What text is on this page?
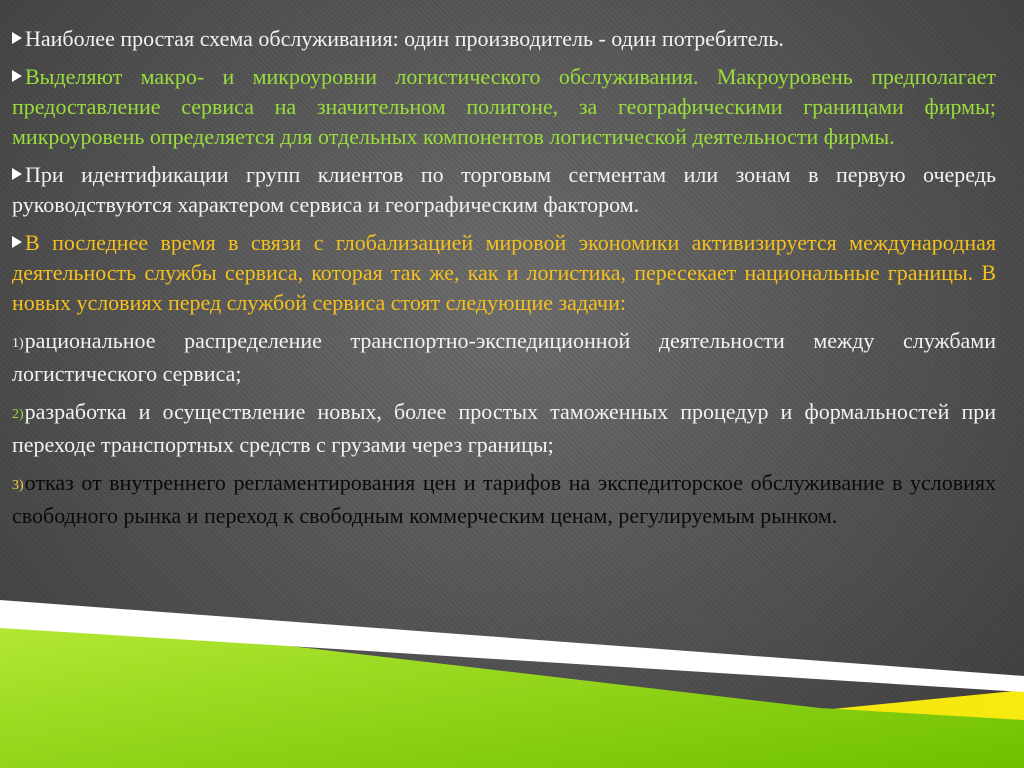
Наиболее простая схема обслуживания: один производитель - один потребитель.

Выделяют макро- и микроуровни логистического обслуживания. Макроуровень предполагает предоставление сервиса на значительном полигоне, за географическими границами фирмы; микроуровень определяется для отдельных компонентов логистической деятельности фирмы.

При идентификации групп клиентов по торговым сегментам или зонам в первую очередь руководствуются характером сервиса и географическим фактором.

В последнее время в связи с глобализацией мировой экономики активизируется международная деятельность службы сервиса, которая так же, как и логистика, пересекает национальные границы. В новых условиях перед службой сервиса стоят следующие задачи:

1)рациональное распределение транспортно-экспедиционной деятельности между службами логистического сервиса;

2)разработка и осуществление новых, более простых таможенных процедур и формальностей при переходе транспортных средств с грузами через границы;

3)отказ от внутреннего регламентирования цен и тарифов на экспедиторское обслуживание в условиях свободного рынка и переход к свободным коммерческим ценам, регулируемым рынком.
